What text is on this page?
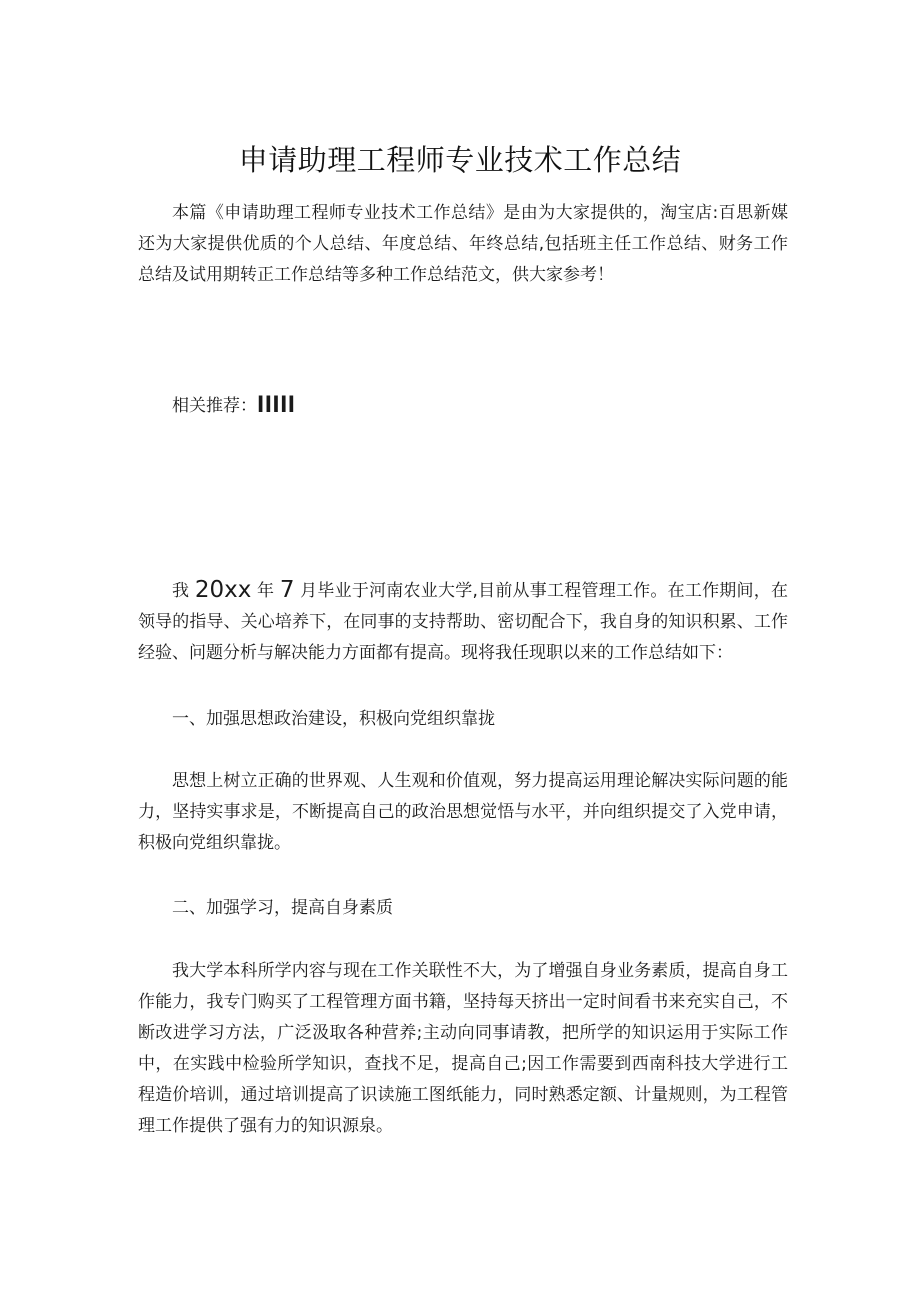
申请助理工程师专业技术工作总结
本篇《申请助理工程师专业技术工作总结》是由为大家提供的，淘宝店:百思新媒还为大家提供优质的个人总结、年度总结、年终总结,包括班主任工作总结、财务工作总结及试用期转正工作总结等多种工作总结范文，供大家参考！
相关推荐：lllll
我 20xx 年 7 月毕业于河南农业大学,目前从事工程管理工作。在工作期间，在领导的指导、关心培养下，在同事的支持帮助、密切配合下，我自身的知识积累、工作经验、问题分析与解决能力方面都有提高。现将我任现职以来的工作总结如下：
一、加强思想政治建设，积极向党组织靠拢
思想上树立正确的世界观、人生观和价值观，努力提高运用理论解决实际问题的能力，坚持实事求是，不断提高自己的政治思想觉悟与水平，并向组织提交了入党申请，积极向党组织靠拢。
二、加强学习，提高自身素质
我大学本科所学内容与现在工作关联性不大，为了增强自身业务素质，提高自身工作能力，我专门购买了工程管理方面书籍，坚持每天挤出一定时间看书来充实自己，不断改进学习方法，广泛汲取各种营养;主动向同事请教，把所学的知识运用于实际工作中，在实践中检验所学知识，查找不足，提高自己;因工作需要到西南科技大学进行工程造价培训，通过培训提高了识读施工图纸能力，同时熟悉定额、计量规则，为工程管理工作提供了强有力的知识源泉。
